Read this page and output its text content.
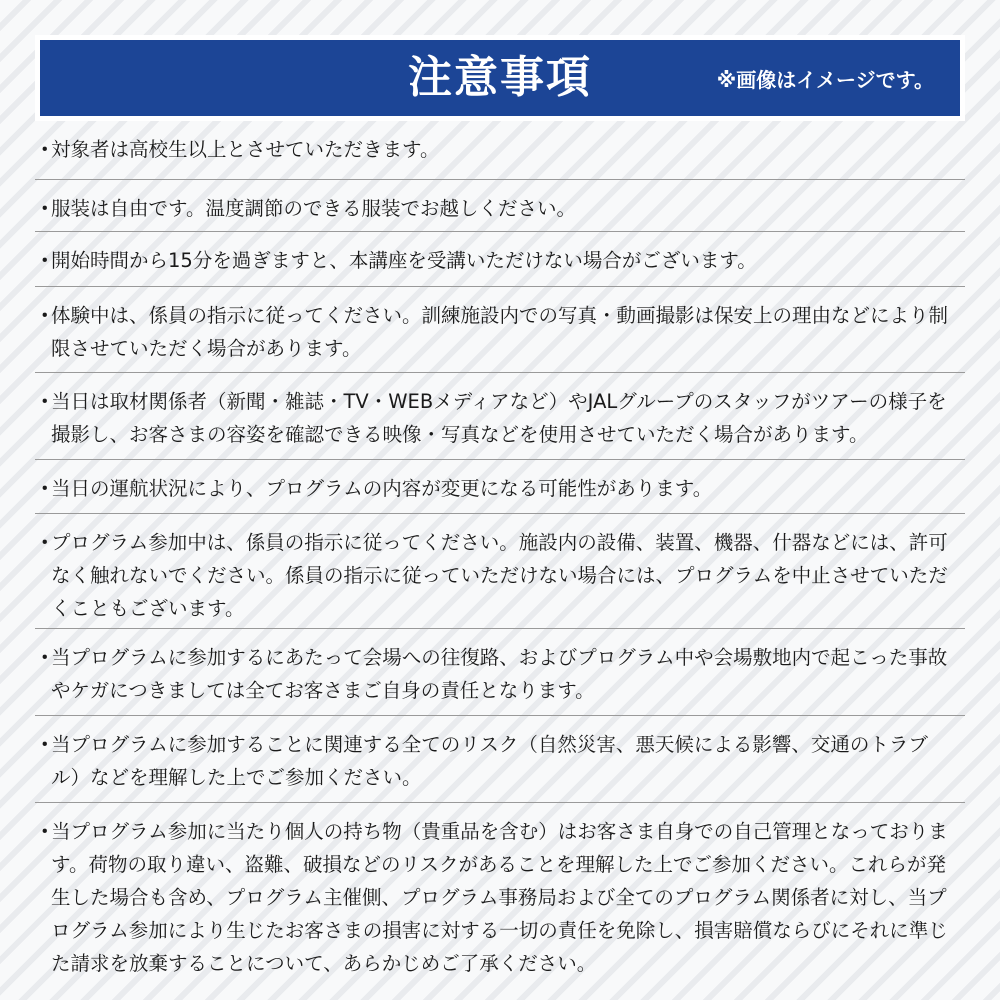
注意事項	※画像はイメージです。
・
対象者は高校生以上とさせていただきます。
・
服装は自由です。温度調節のできる服装でお越しください。
・
開始時間から15分を過ぎますと、本講座を受講いただけない場合がございます。
・
体験中は、係員の指示に従ってください。訓練施設内での写真・動画撮影は保安上の理由などにより制限させていただく場合があります。
・
当日は取材関係者（新聞・雑誌・TV・WEBメディアなど）やJALグループのスタッフがツアーの様子を撮影し、お客さまの容姿を確認できる映像・写真などを使用させていただく場合があります。
・
当日の運航状況により、プログラムの内容が変更になる可能性があります。
・
プログラム参加中は、係員の指示に従ってください。施設内の設備、装置、機器、什器などには、許可なく触れないでください。係員の指示に従っていただけない場合には、プログラムを中止させていただくこともございます。
・
当プログラムに参加するにあたって会場への往復路、およびプログラム中や会場敷地内で起こった事故やケガにつきましては全てお客さまご自身の責任となります。
・
当プログラムに参加することに関連する全てのリスク（自然災害、悪天候による影響、交通のトラブル）などを理解した上でご参加ください。
・
当プログラム参加に当たり個人の持ち物（貴重品を含む）はお客さま自身での自己管理となっております。荷物の取り違い、盗難、破損などのリスクがあることを理解した上でご参加ください。これらが発生した場合も含め、プログラム主催側、プログラム事務局および全てのプログラム関係者に対し、当プログラム参加により生じたお客さまの損害に対する一切の責任を免除し、損害賠償ならびにそれに準じた請求を放棄することについて、あらかじめご了承ください。
